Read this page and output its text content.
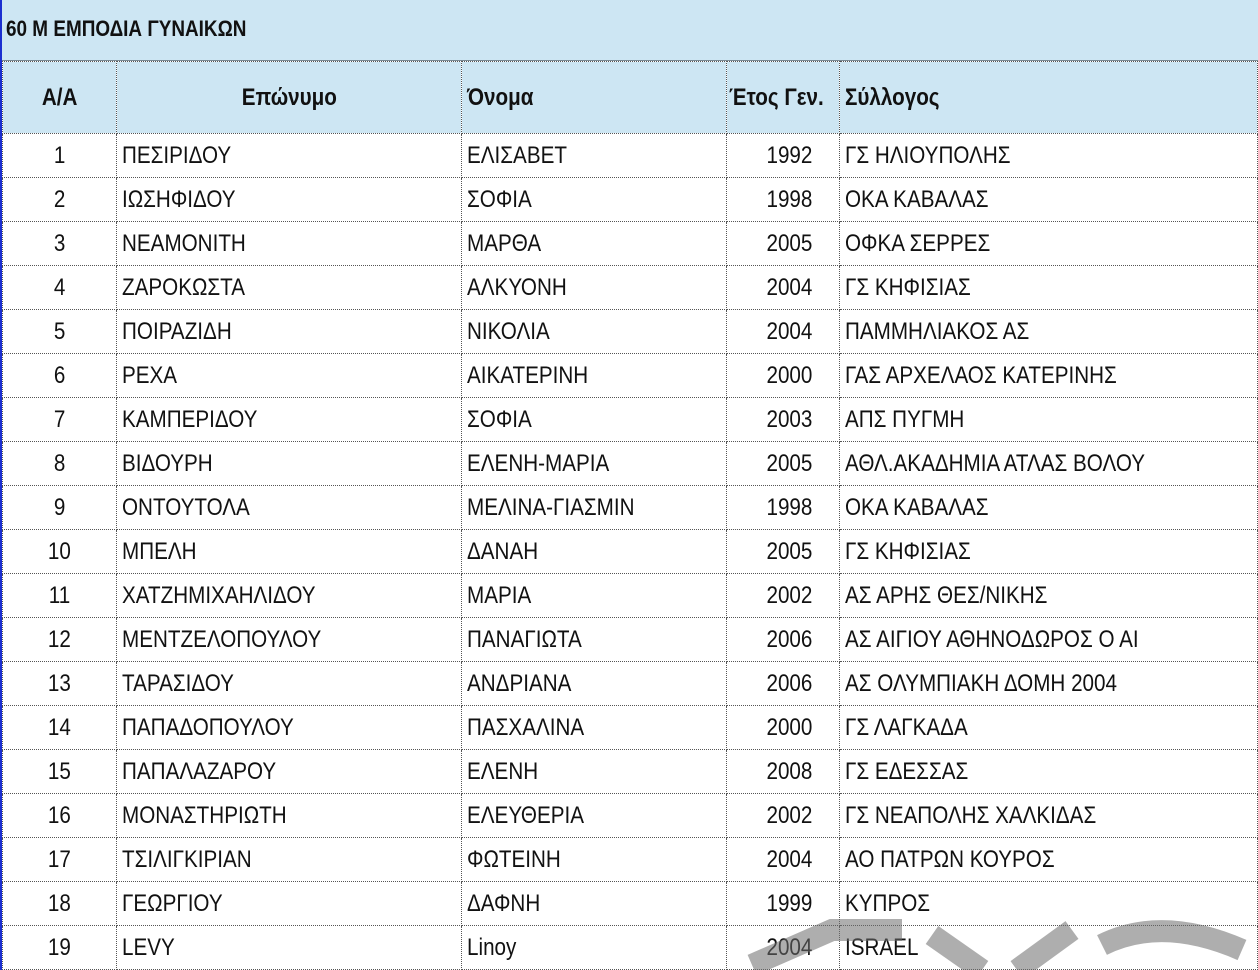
60 Μ ΕΜΠΟΔΙΑ ΓΥΝΑΙΚΩΝ
Α/Α	Επώνυμο	Όνομα	Έτος Γεν.	Σύλλογος
1	ΠΕΣΙΡΙΔΟΥ	ΕΛΙΣΑΒΕΤ	1992	ΓΣ ΗΛΙΟΥΠΟΛΗΣ
2	ΙΩΣΗΦΙΔΟΥ	ΣΟΦΙΑ	1998	ΟΚΑ ΚΑΒΑΛΑΣ
3	ΝΕΑΜΟΝΙΤΗ	ΜΑΡΘΑ	2005	ΟΦΚΑ ΣΕΡΡΕΣ
4	ΖΑΡΟΚΩΣΤΑ	ΑΛΚΥΟΝΗ	2004	ΓΣ ΚΗΦΙΣΙΑΣ
5	ΠΟΙΡΑΖΙΔΗ	ΝΙΚΟΛΙΑ	2004	ΠΑΜΜΗΛΙΑΚΟΣ ΑΣ
6	ΡΕΧΑ	ΑΙΚΑΤΕΡΙΝΗ	2000	ΓΑΣ ΑΡΧΕΛΑΟΣ ΚΑΤΕΡΙΝΗΣ
7	ΚΑΜΠΕΡΙΔΟΥ	ΣΟΦΙΑ	2003	ΑΠΣ ΠΥΓΜΗ
8	ΒΙΔΟΥΡΗ	ΕΛΕΝΗ-ΜΑΡΙΑ	2005	ΑΘΛ.ΑΚΑΔΗΜΙΑ ΑΤΛΑΣ ΒΟΛΟΥ
9	ΟΝΤΟΥΤΟΛΑ	ΜΕΛΙΝΑ-ΓΙΑΣΜΙΝ	1998	ΟΚΑ ΚΑΒΑΛΑΣ
10	ΜΠΕΛΗ	ΔΑΝΑΗ	2005	ΓΣ ΚΗΦΙΣΙΑΣ
11	ΧΑΤΖΗΜΙΧΑΗΛΙΔΟΥ	ΜΑΡΙΑ	2002	ΑΣ ΑΡΗΣ ΘΕΣ/ΝΙΚΗΣ
12	ΜΕΝΤΖΕΛΟΠΟΥΛΟΥ	ΠΑΝΑΓΙΩΤΑ	2006	ΑΣ ΑΙΓΙΟΥ ΑΘΗΝΟΔΩΡΟΣ Ο ΑΙ
13	ΤΑΡΑΣΙΔΟΥ	ΑΝΔΡΙΑΝΑ	2006	ΑΣ ΟΛΥΜΠΙΑΚΗ ΔΟΜΗ 2004
14	ΠΑΠΑΔΟΠΟΥΛΟΥ	ΠΑΣΧΑΛΙΝΑ	2000	ΓΣ ΛΑΓΚΑΔΑ
15	ΠΑΠΑΛΑΖΑΡΟΥ	ΕΛΕΝΗ	2008	ΓΣ ΕΔΕΣΣΑΣ
16	ΜΟΝΑΣΤΗΡΙΩΤΗ	ΕΛΕΥΘΕΡΙΑ	2002	ΓΣ ΝΕΑΠΟΛΗΣ ΧΑΛΚΙΔΑΣ
17	ΤΣΙΛΙΓΚΙΡΙΑΝ	ΦΩΤΕΙΝΗ	2004	ΑΟ ΠΑΤΡΩΝ ΚΟΥΡΟΣ
18	ΓΕΩΡΓΙΟΥ	ΔΑΦΝΗ	1999	ΚΥΠΡΟΣ
19	LEVY	Linoy	2004	ISRAEL
